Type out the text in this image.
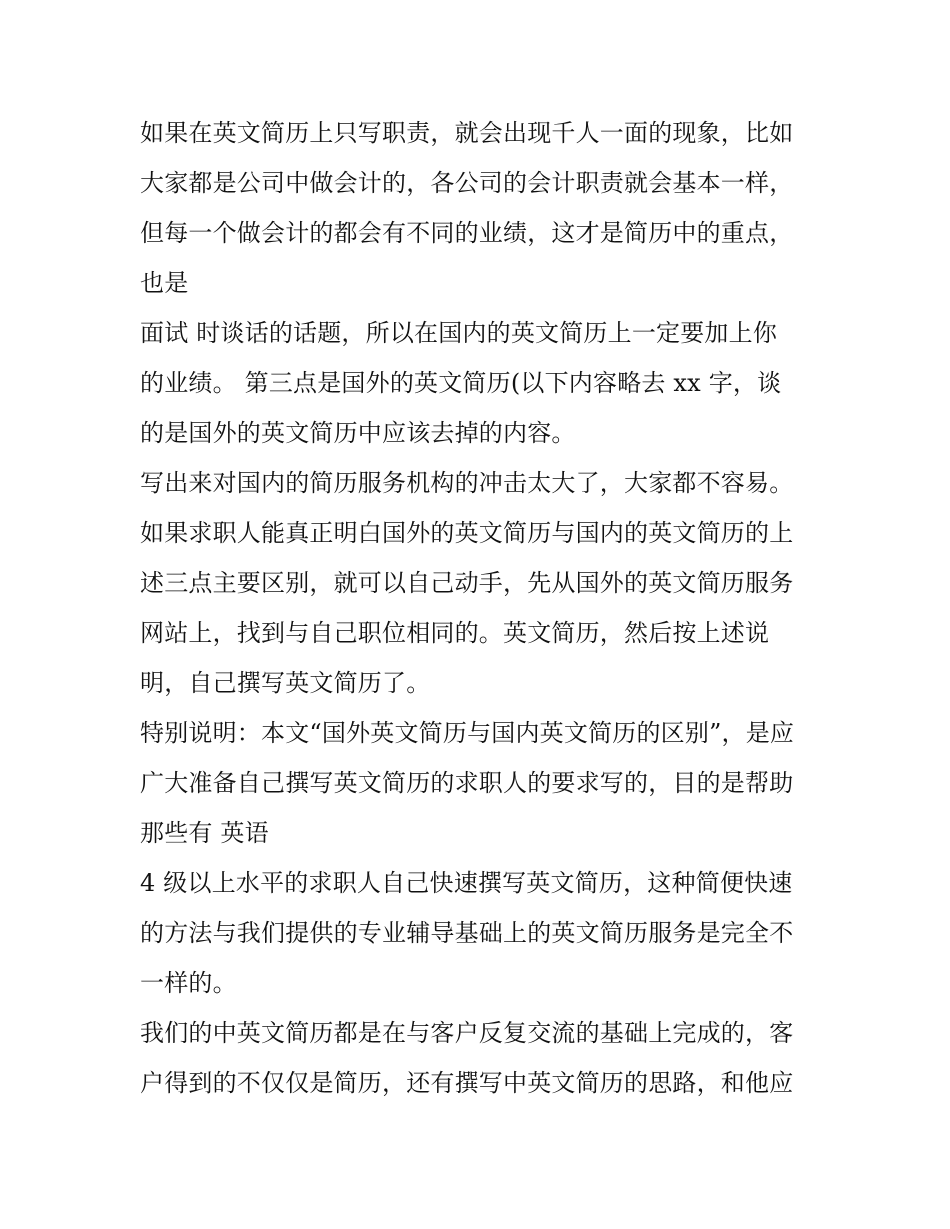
如果在英文简历上只写职责，就会出现千人一面的现象，比如
大家都是公司中做会计的，各公司的会计职责就会基本一样，
但每一个做会计的都会有不同的业绩，这才是简历中的重点，
也是
面试 时谈话的话题，所以在国内的英文简历上一定要加上你
的业绩。 第三点是国外的英文简历(以下内容略去 xx 字，谈
的是国外的英文简历中应该去掉的内容。
写出来对国内的简历服务机构的冲击太大了，大家都不容易。
如果求职人能真正明白国外的英文简历与国内的英文简历的上
述三点主要区别，就可以自己动手，先从国外的英文简历服务
网站上，找到与自己职位相同的。英文简历，然后按上述说
明，自己撰写英文简历了。
特别说明：本文“国外英文简历与国内英文简历的区别”，是应
广大准备自己撰写英文简历的求职人的要求写的，目的是帮助
那些有 英语
4 级以上水平的求职人自己快速撰写英文简历，这种简便快速
的方法与我们提供的专业辅导基础上的英文简历服务是完全不
一样的。
我们的中英文简历都是在与客户反复交流的基础上完成的，客
户得到的不仅仅是简历，还有撰写中英文简历的思路，和他应
